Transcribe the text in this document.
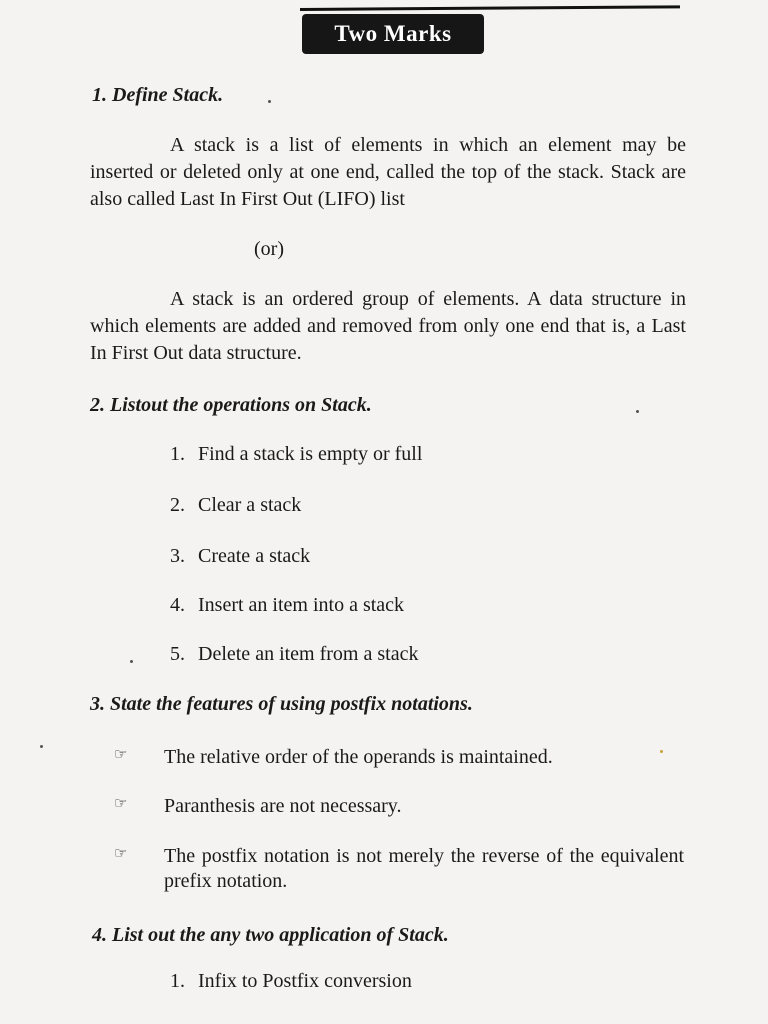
Two Marks
1. Define Stack.
A stack is a list of elements in which an element may be inserted or deleted only at one end, called the top of the stack. Stack are also called Last In First Out (LIFO) list
(or)
A stack is an ordered group of elements. A data structure in which elements are added and removed from only one end that is, a Last In First Out data structure.
2. Listout the operations on Stack.
1. Find a stack is empty or full
2. Clear a stack
3. Create a stack
4. Insert an item into a stack
5. Delete an item from a stack
3. State the features of using postfix notations.
☞	The relative order of the operands is maintained.
☞	Paranthesis are not necessary.
☞	The postfix notation is not merely the reverse of the equivalent prefix notation.
4. List out the any two application of Stack.
1. Infix to Postfix conversion
